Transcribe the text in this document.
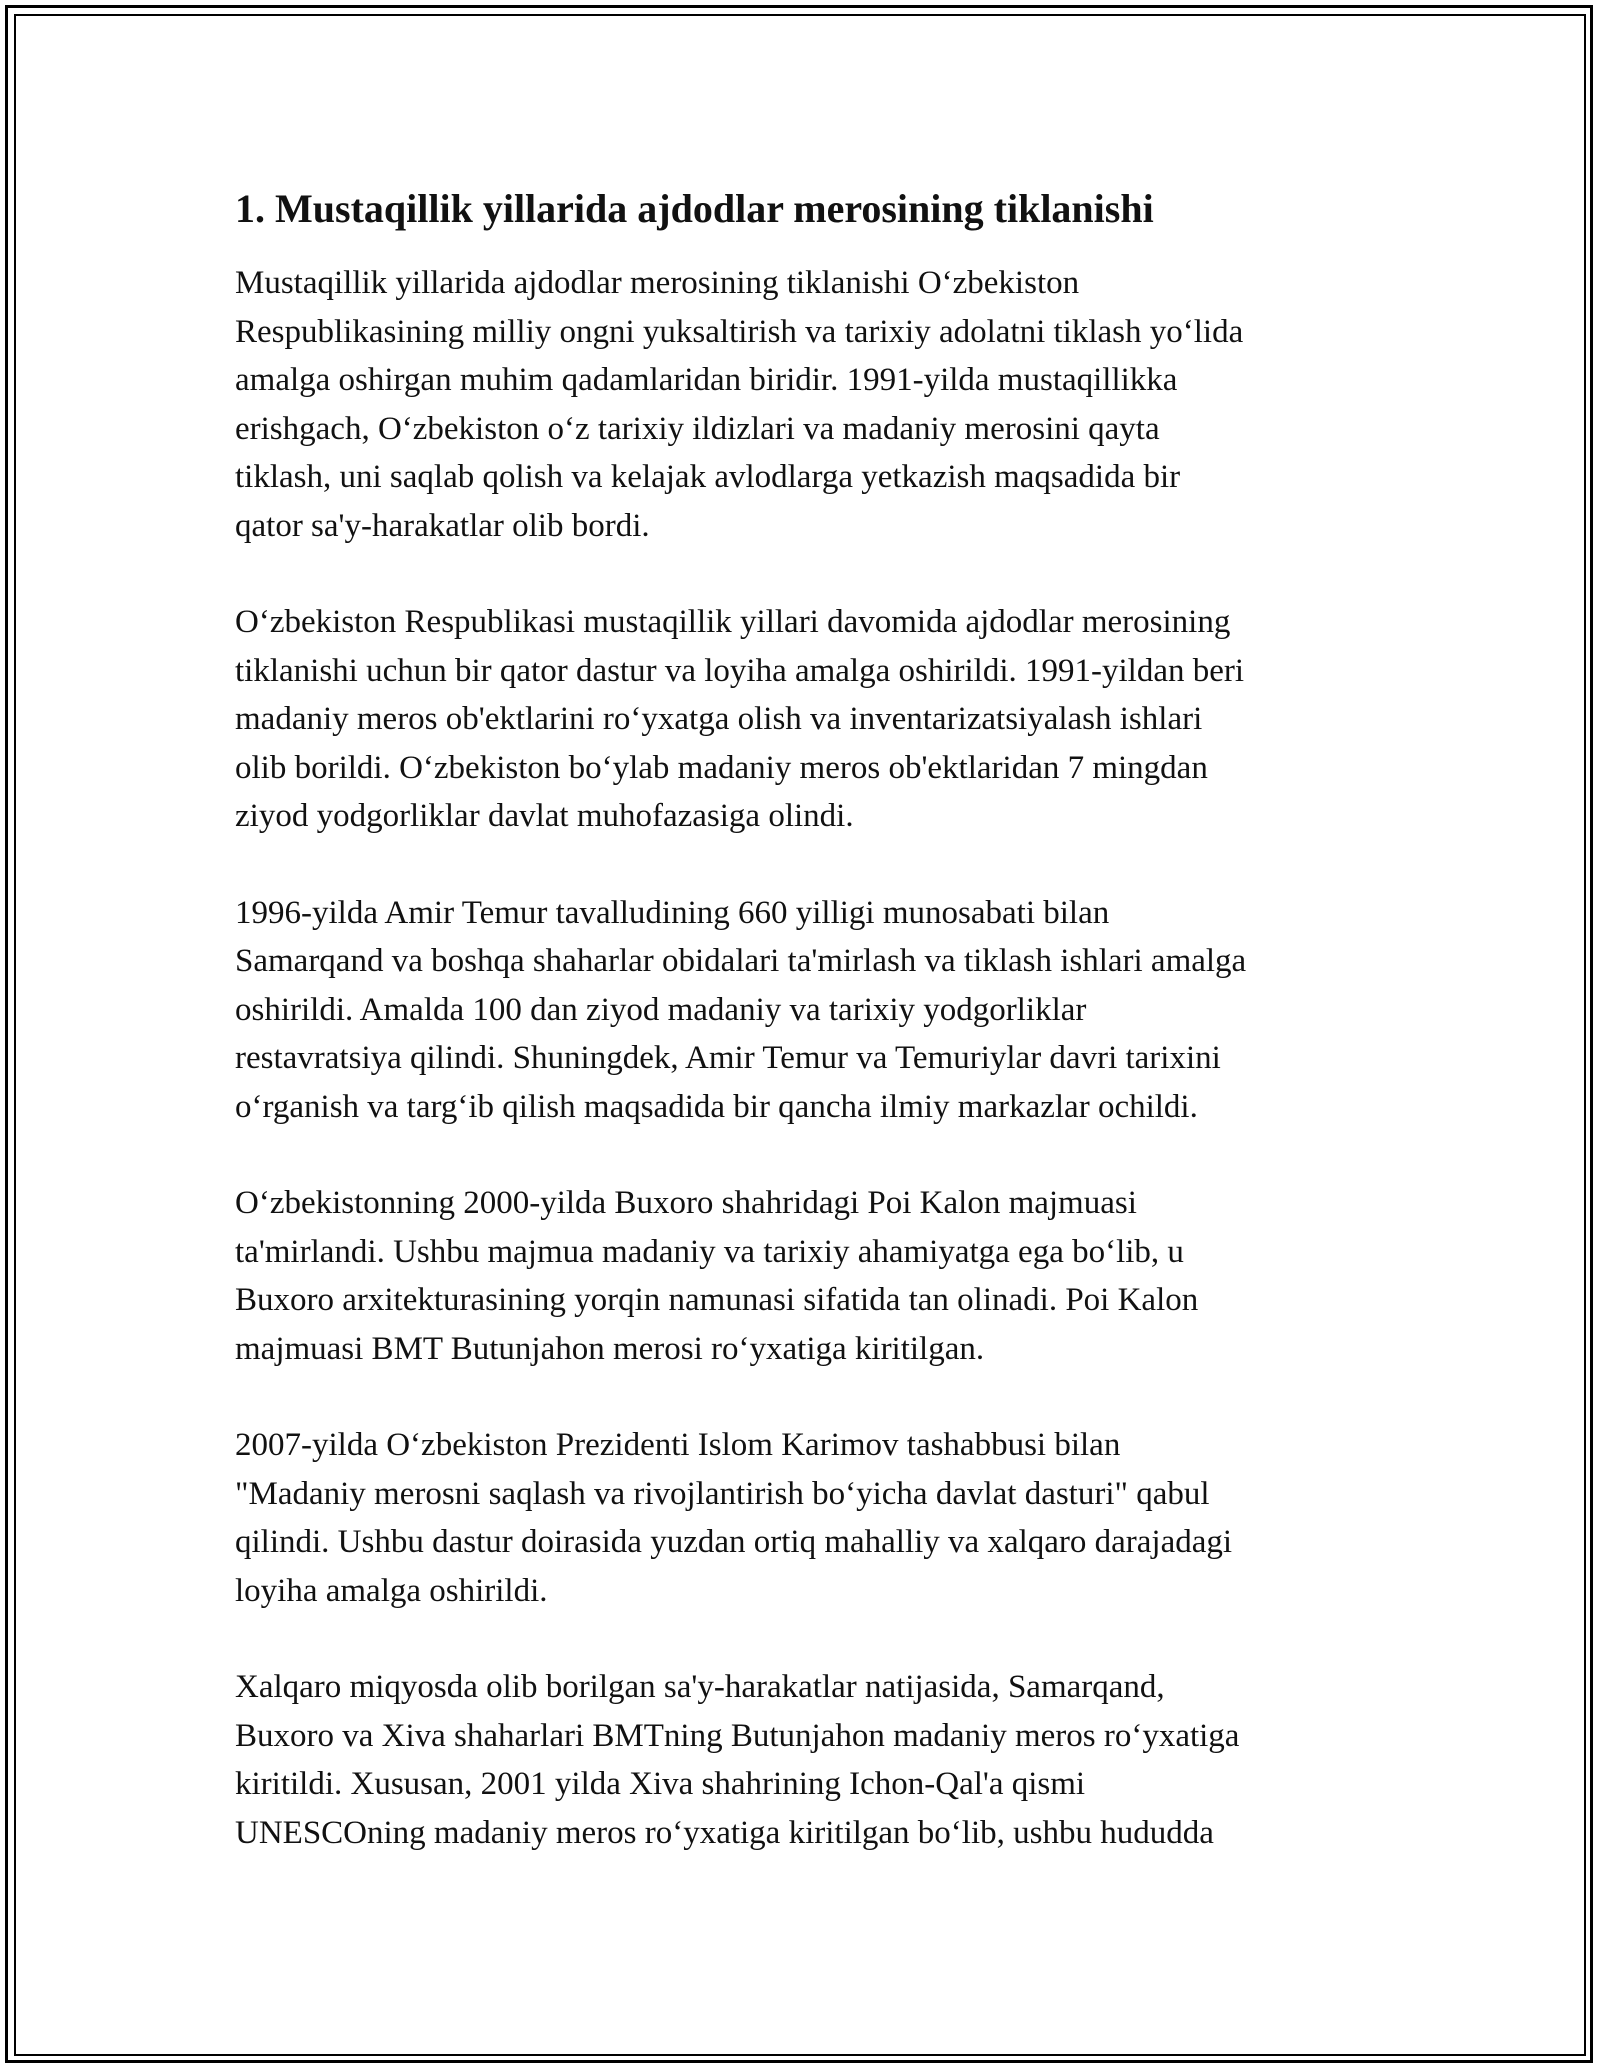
1. Mustaqillik yillarida ajdodlar merosining tiklanishi

Mustaqillik yillarida ajdodlar merosining tiklanishi O‘zbekiston
Respublikasining milliy ongni yuksaltirish va tarixiy adolatni tiklash yo‘lida
amalga oshirgan muhim qadamlaridan biridir. 1991-yilda mustaqillikka
erishgach, O‘zbekiston o‘z tarixiy ildizlari va madaniy merosini qayta
tiklash, uni saqlab qolish va kelajak avlodlarga yetkazish maqsadida bir
qator sa'y-harakatlar olib bordi.

O‘zbekiston Respublikasi mustaqillik yillari davomida ajdodlar merosining
tiklanishi uchun bir qator dastur va loyiha amalga oshirildi. 1991-yildan beri
madaniy meros ob'ektlarini ro‘yxatga olish va inventarizatsiyalash ishlari
olib borildi. O‘zbekiston bo‘ylab madaniy meros ob'ektlaridan 7 mingdan
ziyod yodgorliklar davlat muhofazasiga olindi.

1996-yilda Amir Temur tavalludining 660 yilligi munosabati bilan
Samarqand va boshqa shaharlar obidalari ta'mirlash va tiklash ishlari amalga
oshirildi. Amalda 100 dan ziyod madaniy va tarixiy yodgorliklar
restavratsiya qilindi. Shuningdek, Amir Temur va Temuriylar davri tarixini
o‘rganish va targ‘ib qilish maqsadida bir qancha ilmiy markazlar ochildi.

O‘zbekistonning 2000-yilda Buxoro shahridagi Poi Kalon majmuasi
ta'mirlandi. Ushbu majmua madaniy va tarixiy ahamiyatga ega bo‘lib, u
Buxoro arxitekturasining yorqin namunasi sifatida tan olinadi. Poi Kalon
majmuasi BMT Butunjahon merosi ro‘yxatiga kiritilgan.

2007-yilda O‘zbekiston Prezidenti Islom Karimov tashabbusi bilan
"Madaniy merosni saqlash va rivojlantirish bo‘yicha davlat dasturi" qabul
qilindi. Ushbu dastur doirasida yuzdan ortiq mahalliy va xalqaro darajadagi
loyiha amalga oshirildi.

Xalqaro miqyosda olib borilgan sa'y-harakatlar natijasida, Samarqand,
Buxoro va Xiva shaharlari BMTning Butunjahon madaniy meros ro‘yxatiga
kiritildi. Xususan, 2001 yilda Xiva shahrining Ichon-Qal'a qismi
UNESCOning madaniy meros ro‘yxatiga kiritilgan bo‘lib, ushbu hududda
